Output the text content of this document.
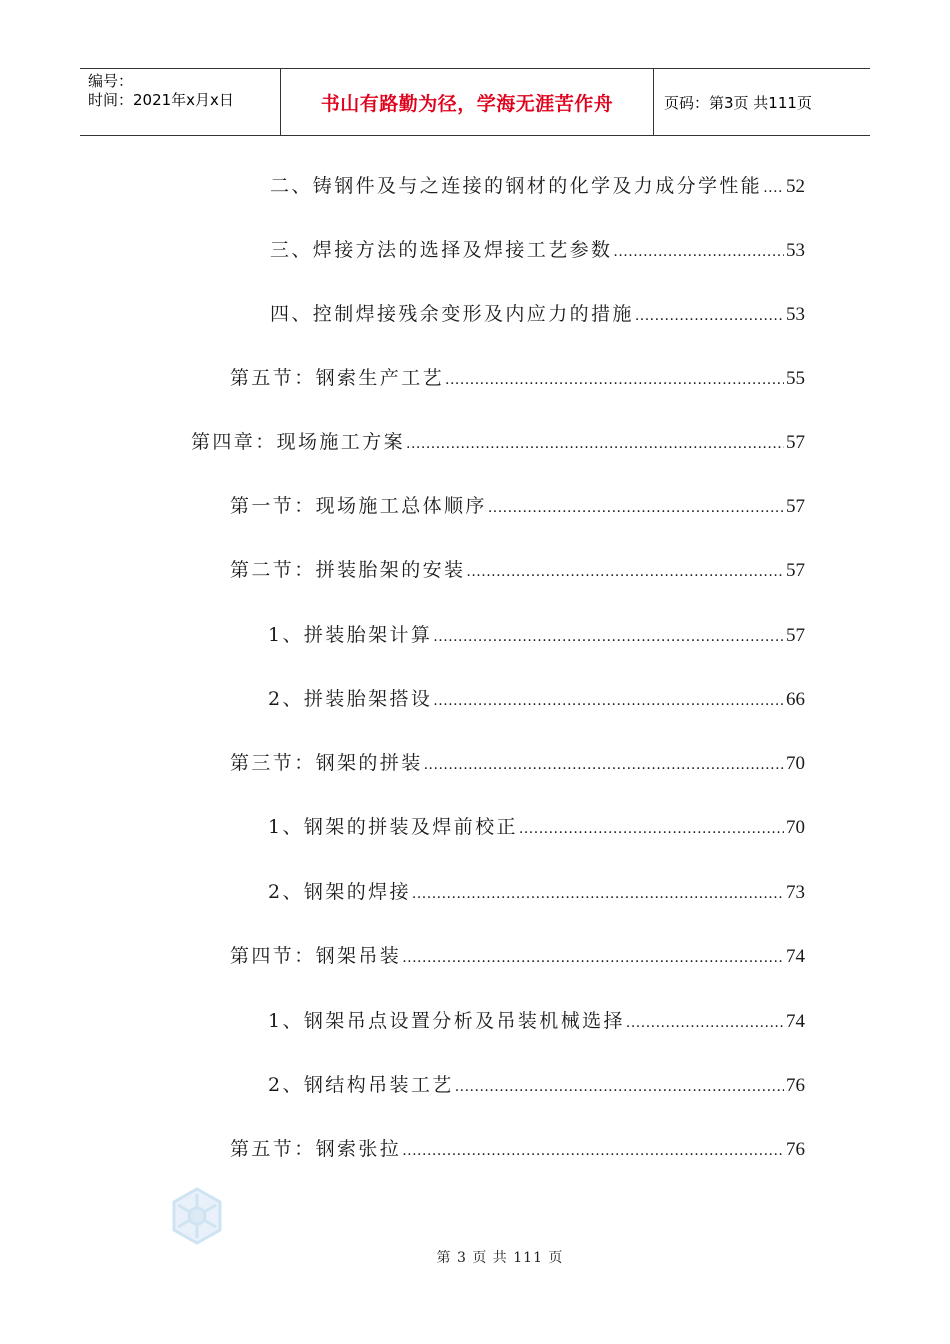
编号：
时间：2021年x月x日	书山有路勤为径，学海无涯苦作舟	页码：第3页 共111页
二、铸钢件及与之连接的钢材的化学及力成分学性能 ..... 52
三、焊接方法的选择及焊接工艺参数 .....	53
四、控制焊接残余变形及内应力的措施 .....	53
第五节：钢索生产工艺 .....	55
第四章：现场施工方案 .....	57
第一节：现场施工总体顺序 .....	57
第二节：拼装胎架的安装 .....	57
1、拼装胎架计算 .....	57
2、拼装胎架搭设 .....	66
第三节：钢架的拼装 .....	70
1、钢架的拼装及焊前校正 .....	70
2、钢架的焊接 .....	73
第四节：钢架吊装 .....	74
1、钢架吊点设置分析及吊装机械选择 .....	74
2、钢结构吊装工艺 .....	76
第五节：钢索张拉 .....	76
第 3 页 共 111 页
